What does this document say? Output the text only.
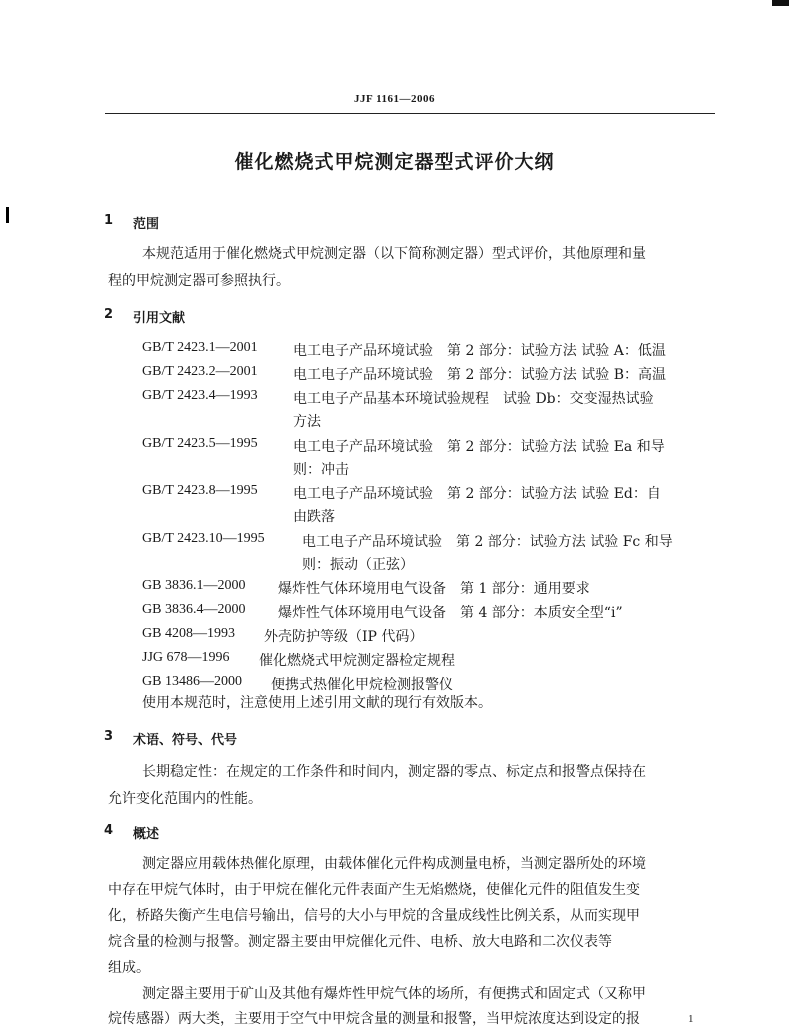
JJF 1161—2006
催化燃烧式甲烷测定器型式评价大纲
1 范围
本规范适用于催化燃烧式甲烷测定器（以下简称测定器）型式评价，其他原理和量
程的甲烷测定器可参照执行。
2 引用文献
GB/T 2423.1—2001	电工电子产品环境试验　第 2 部分：试验方法 试验 A：低温
GB/T 2423.2—2001	电工电子产品环境试验　第 2 部分：试验方法 试验 B：高温
GB/T 2423.4—1993	电工电子产品基本环境试验规程　试验 Db：交变湿热试验
方法
GB/T 2423.5—1995	电工电子产品环境试验　第 2 部分：试验方法 试验 Ea 和导
则：冲击
GB/T 2423.8—1995	电工电子产品环境试验　第 2 部分：试验方法 试验 Ed：自
由跌落
GB/T 2423.10—1995	电工电子产品环境试验　第 2 部分：试验方法 试验 Fc 和导
则：振动（正弦）
GB 3836.1—2000 爆炸性气体环境用电气设备　第 1 部分：通用要求
GB 3836.4—2000 爆炸性气体环境用电气设备　第 4 部分：本质安全型“i”
GB 4208—1993 外壳防护等级（IP 代码）
JJG 678—1996 催化燃烧式甲烷测定器检定规程
GB 13486—2000 便携式热催化甲烷检测报警仪
使用本规范时，注意使用上述引用文献的现行有效版本。
3 术语、符号、代号
长期稳定性：在规定的工作条件和时间内，测定器的零点、标定点和报警点保持在
允许变化范围内的性能。
4 概述
测定器应用载体热催化原理，由载体催化元件构成测量电桥，当测定器所处的环境
中存在甲烷气体时，由于甲烷在催化元件表面产生无焰燃烧，使催化元件的阻值发生变
化，桥路失衡产生电信号输出，信号的大小与甲烷的含量成线性比例关系，从而实现甲
烷含量的检测与报警。测定器主要由甲烷催化元件、电桥、放大电路和二次仪表等
组成。
测定器主要用于矿山及其他有爆炸性甲烷气体的场所，有便携式和固定式（又称甲
烷传感器）两大类，主要用于空气中甲烷含量的测量和报警，当甲烷浓度达到设定的报	1
